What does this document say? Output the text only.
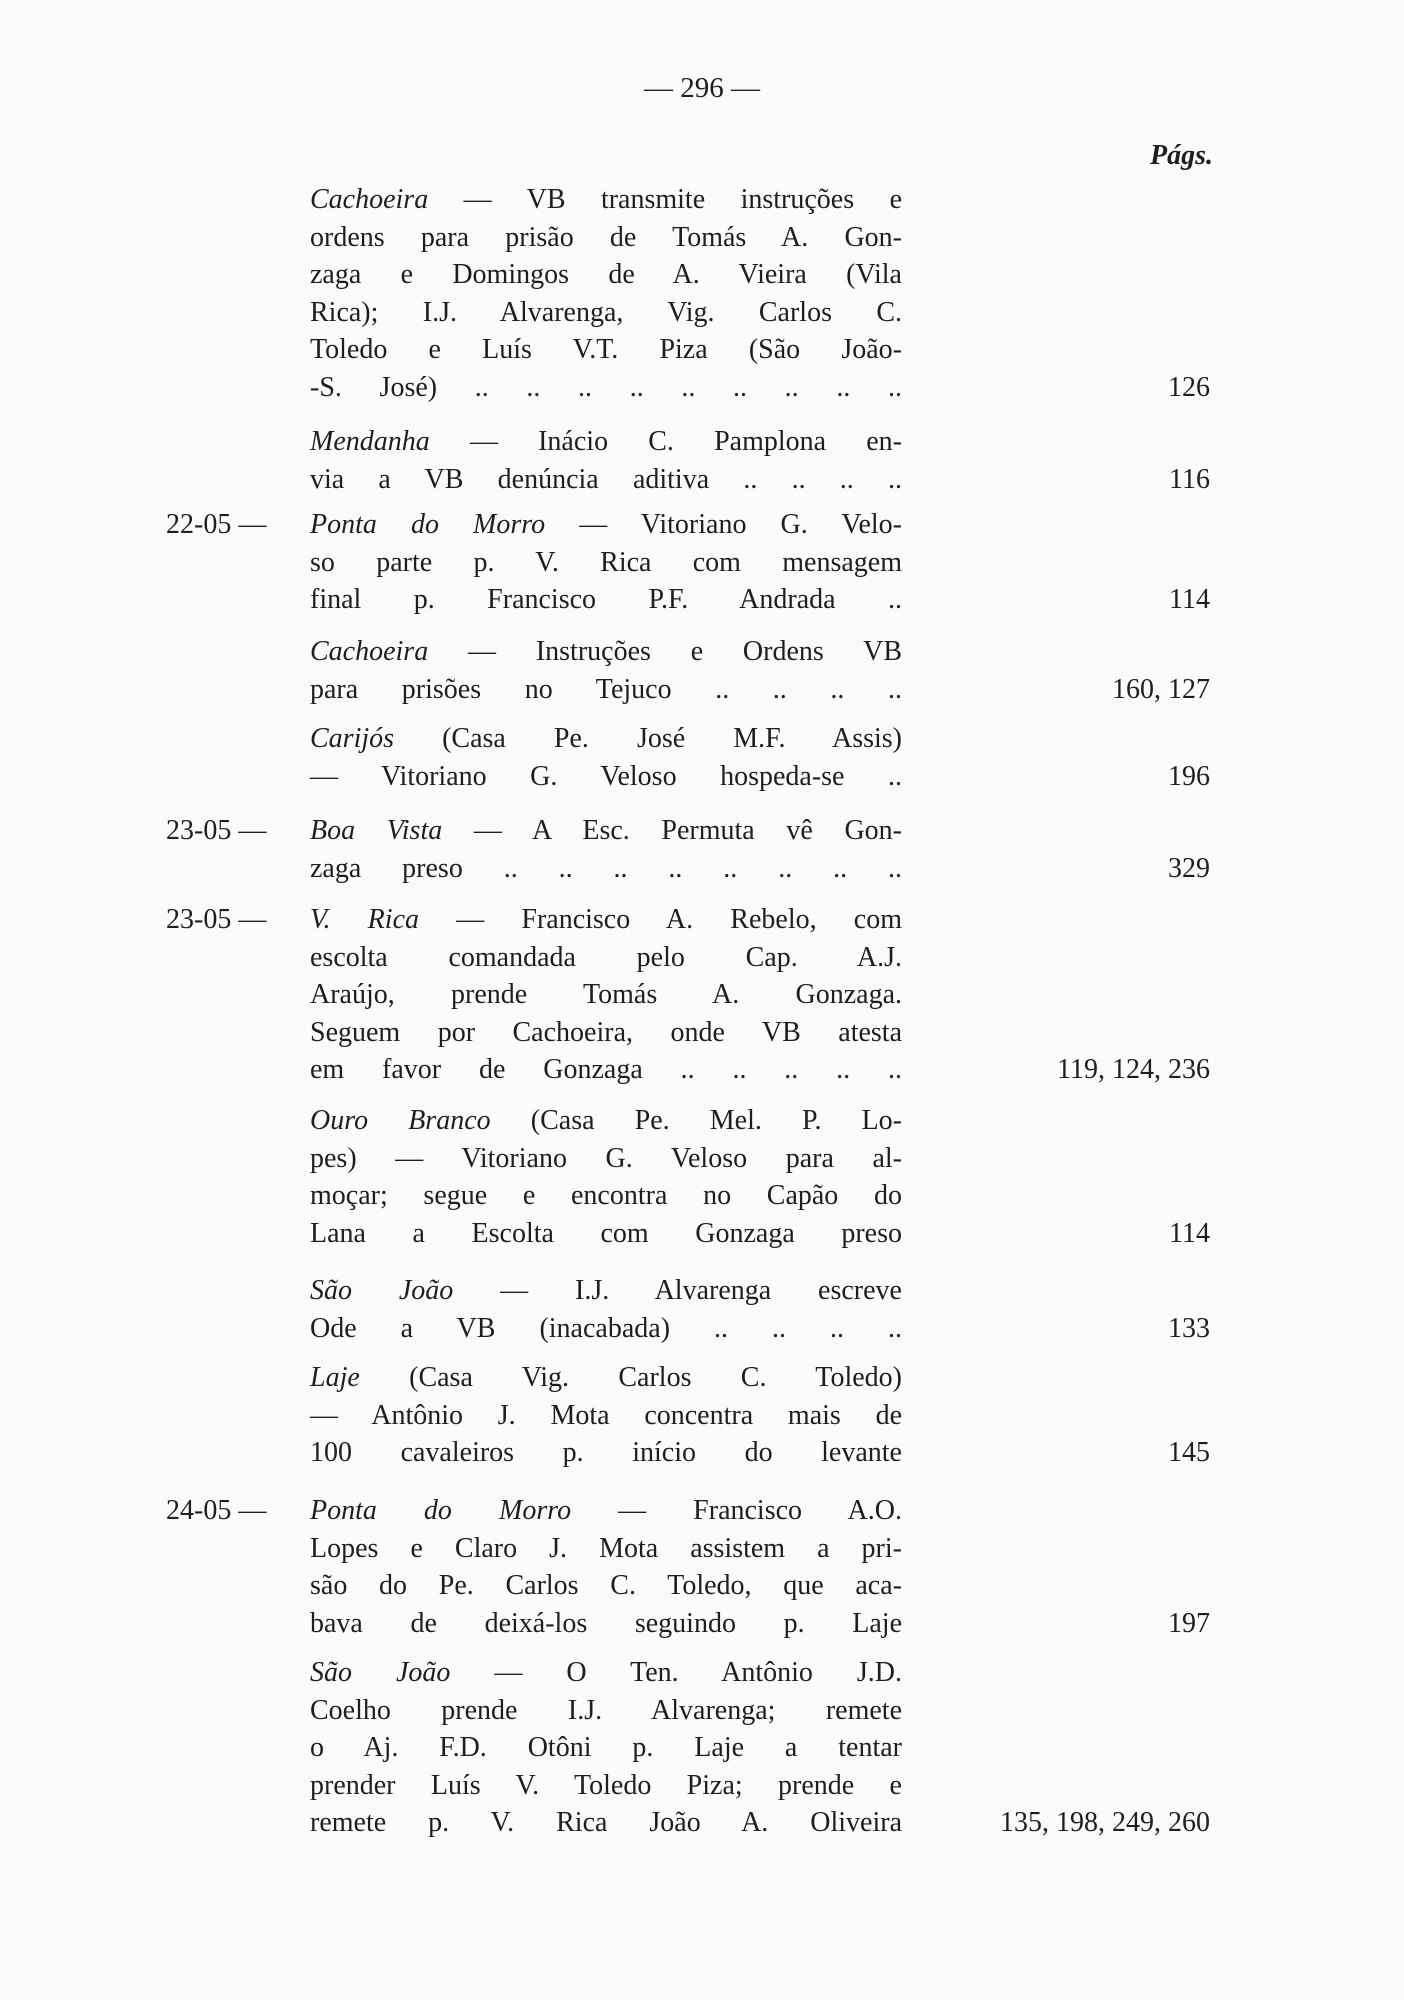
— 296 —
Págs.
Cachoeira — VB transmite instruções e
ordens para prisão de Tomás A. Gon-
zaga e Domingos de A. Vieira (Vila
Rica); I.J. Alvarenga, Vig. Carlos C.
Toledo e Luís V.T. Piza (São João-
-S. José) .. .. .. .. .. .. .. .. ..	126
Mendanha — Inácio C. Pamplona en-
via a VB denúncia aditiva .. .. .. ..	116
22-05 — Ponta do Morro — Vitoriano G. Velo-
so parte p. V. Rica com mensagem
final p. Francisco P.F. Andrada ..	114
Cachoeira — Instruções e Ordens VB
para prisões no Tejuco .. .. .. ..	160, 127
Carijós (Casa Pe. José M.F. Assis)
— Vitoriano G. Veloso hospeda-se ..	196
23-05 — Boa Vista — A Esc. Permuta vê Gon-
zaga preso .. .. .. .. .. .. .. ..	329
23-05 — V. Rica — Francisco A. Rebelo, com
escolta comandada pelo Cap. A.J.
Araújo, prende Tomás A. Gonzaga.
Seguem por Cachoeira, onde VB atesta
em favor de Gonzaga .. .. .. .. ..	119, 124, 236
Ouro Branco (Casa Pe. Mel. P. Lo-
pes) — Vitoriano G. Veloso para al-
moçar; segue e encontra no Capão do
Lana a Escolta com Gonzaga preso	114
São João — I.J. Alvarenga escreve
Ode a VB (inacabada) .. .. .. ..	133
Laje (Casa Vig. Carlos C. Toledo)
— Antônio J. Mota concentra mais de
100 cavaleiros p. início do levante	145
24-05 — Ponta do Morro — Francisco A.O.
Lopes e Claro J. Mota assistem a pri-
são do Pe. Carlos C. Toledo, que aca-
bava de deixá-los seguindo p. Laje	197
São João — O Ten. Antônio J.D.
Coelho prende I.J. Alvarenga; remete
o Aj. F.D. Otôni p. Laje a tentar
prender Luís V. Toledo Piza; prende e
remete p. V. Rica João A. Oliveira	135, 198, 249, 260
